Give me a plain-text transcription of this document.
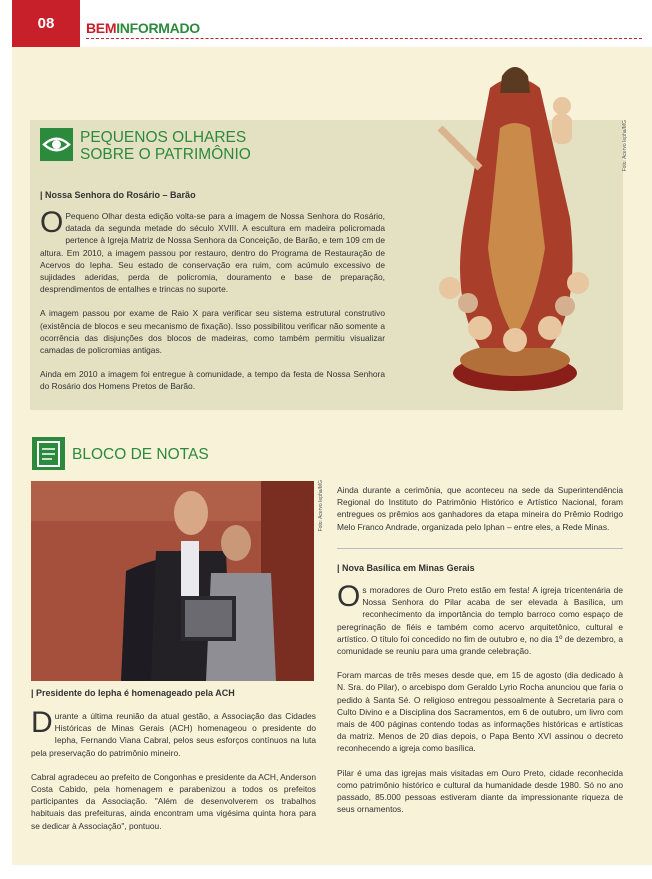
08	BEMINFORMADO
PEQUENOS OLHARES
SOBRE O PATRIMÔNIO
| Nossa Senhora do Rosário – Barão

O Pequeno Olhar desta edição volta-se para a imagem de Nossa Senhora do Rosário, datada da segunda metade do século XVIII. A escultura em madeira policromada pertence à Igreja Matriz de Nossa Senhora da Conceição, de Barão, e tem 109 cm de altura. Em 2010, a imagem passou por restauro, dentro do Programa de Restauração de Acervos do Iepha. Seu estado de conservação era ruim, com acúmulo excessivo de sujidades aderidas, perda de policromia, douramento e base de preparação, desprendimentos de entalhes e trincas no suporte.

A imagem passou por exame de Raio X para verificar seu sistema estrutural construtivo (existência de blocos e seu mecanismo de fixação). Isso possibilitou verificar não somente a ocorrência das disjunções dos blocos de madeiras, como também permitiu visualizar camadas de policromias antigas.

Ainda em 2010 a imagem foi entregue à comunidade, a tempo da festa de Nossa Senhora do Rosário dos Homens Pretos de Barão.

Foto: Acervo Iepha/MG
BLOCO DE NOTAS
Foto: Acervo Iepha/MG
| Presidente do Iepha é homenageado pela ACH

Durante a última reunião da atual gestão, a Associação das Cidades Históricas de Minas Gerais (ACH) homenageou o presidente do Iepha, Fernando Viana Cabral, pelos seus esforços contínuos na luta pela preservação do patrimônio mineiro.

Cabral agradeceu ao prefeito de Congonhas e presidente da ACH, Anderson Costa Cabido, pela homenagem e parabenizou a todos os prefeitos participantes da Associação. "Além de desenvolverem os trabalhos habituais das prefeituras, ainda encontram uma vigésima quinta hora para se dedicar à Associação", pontuou.

Ainda durante a cerimônia, que aconteceu na sede da Superintendência Regional do Instituto do Patrimônio Histórico e Artístico Nacional, foram entregues os prêmios aos ganhadores da etapa mineira do Prêmio Rodrigo Melo Franco Andrade, organizada pelo Iphan – entre eles, a Rede Minas.

| Nova Basílica em Minas Gerais

Os moradores de Ouro Preto estão em festa! A igreja tricentenária de Nossa Senhora do Pilar acaba de ser elevada à Basílica, um reconhecimento da importância do templo barroco como espaço de peregrinação de fiéis e também como acervo arquitetônico, cultural e artístico. O título foi concedido no fim de outubro e, no dia 1º de dezembro, a comunidade se reuniu para uma grande celebração.

Foram marcas de três meses desde que, em 15 de agosto (dia dedicado à N. Sra. do Pilar), o arcebispo dom Geraldo Lyrio Rocha anunciou que faria o pedido à Santa Sé. O religioso entregou pessoalmente à Secretaria para o Culto Divino e a Disciplina dos Sacramentos, em 6 de outubro, um livro com mais de 400 páginas contendo todas as informações históricas e artísticas da matriz. Menos de 20 dias depois, o Papa Bento XVI assinou o decreto reconhecendo a igreja como basílica.

Pilar é uma das igrejas mais visitadas em Ouro Preto, cidade reconhecida como patrimônio histórico e cultural da humanidade desde 1980. Só no ano passado, 85.000 pessoas estiveram diante da impressionante riqueza de seus ornamentos.
